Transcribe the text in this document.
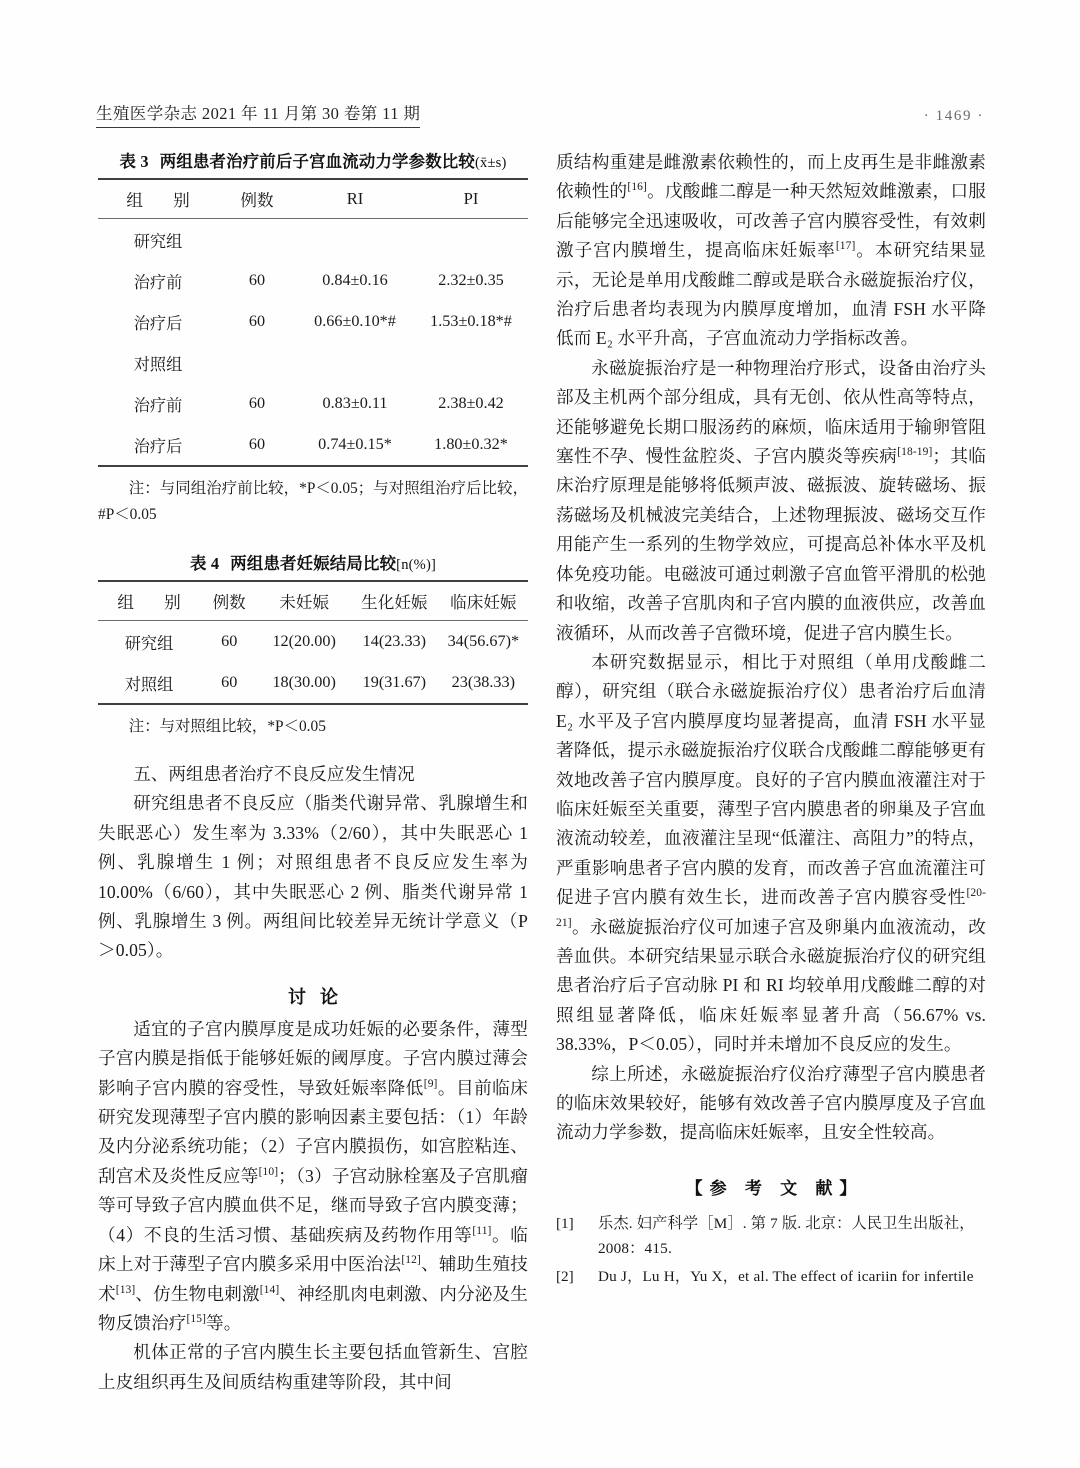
生殖医学杂志 2021 年 11 月第 30 卷第 11 期	· 1469 ·
表 3 两组患者治疗前后子宫血流动力学参数比较(x̄±s)
组 别	例数	RI	PI
研究组			
治疗前	60	0.84±0.16	2.32±0.35
治疗后	60	0.66±0.10*#	1.53±0.18*#
对照组			
治疗前	60	0.83±0.11	2.38±0.42
治疗后	60	0.74±0.15*	1.80±0.32*

注：与同组治疗前比较，*P＜0.05；与对照组治疗后比较，#P＜0.05

表 4 两组患者妊娠结局比较[n(%)]
组 别	例数	未妊娠	生化妊娠	临床妊娠
研究组	60	12(20.00)	14(23.33)	34(56.67)*
对照组	60	18(30.00)	19(31.67)	23(38.33)

注：与对照组比较，*P＜0.05

五、两组患者治疗不良反应发生情况

研究组患者不良反应（脂类代谢异常、乳腺增生和失眠恶心）发生率为 3.33%（2/60），其中失眠恶心 1 例、乳腺增生 1 例；对照组患者不良反应发生率为 10.00%（6/60），其中失眠恶心 2 例、脂类代谢异常 1 例、乳腺增生 3 例。两组间比较差异无统计学意义（P＞0.05）。

讨论

适宜的子宫内膜厚度是成功妊娠的必要条件，薄型子宫内膜是指低于能够妊娠的阈厚度。子宫内膜过薄会影响子宫内膜的容受性，导致妊娠率降低[9]。目前临床研究发现薄型子宫内膜的影响因素主要包括：（1）年龄及内分泌系统功能；（2）子宫内膜损伤，如宫腔粘连、刮宫术及炎性反应等[10]；（3）子宫动脉栓塞及子宫肌瘤等可导致子宫内膜血供不足，继而导致子宫内膜变薄；（4）不良的生活习惯、基础疾病及药物作用等[11]。临床上对于薄型子宫内膜多采用中医治法[12]、辅助生殖技术[13]、仿生物电刺激[14]、神经肌肉电刺激、内分泌及生物反馈治疗[15]等。

机体正常的子宫内膜生长主要包括血管新生、宫腔上皮组织再生及间质结构重建等阶段，其中间

质结构重建是雌激素依赖性的，而上皮再生是非雌激素依赖性的[16]。戊酸雌二醇是一种天然短效雌激素，口服后能够完全迅速吸收，可改善子宫内膜容受性，有效刺激子宫内膜增生，提高临床妊娠率[17]。本研究结果显示，无论是单用戊酸雌二醇或是联合永磁旋振治疗仪，治疗后患者均表现为内膜厚度增加，血清 FSH 水平降低而 E₂ 水平升高，子宫血流动力学指标改善。

永磁旋振治疗是一种物理治疗形式，设备由治疗头部及主机两个部分组成，具有无创、依从性高等特点，还能够避免长期口服汤药的麻烦，临床适用于输卵管阻塞性不孕、慢性盆腔炎、子宫内膜炎等疾病[18-19]；其临床治疗原理是能够将低频声波、磁振波、旋转磁场、振荡磁场及机械波完美结合，上述物理振波、磁场交互作用能产生一系列的生物学效应，可提高总补体水平及机体免疫功能。电磁波可通过刺激子宫血管平滑肌的松弛和收缩，改善子宫肌肉和子宫内膜的血液供应，改善血液循环，从而改善子宫微环境，促进子宫内膜生长。

本研究数据显示，相比于对照组（单用戊酸雌二醇），研究组（联合永磁旋振治疗仪）患者治疗后血清 E₂ 水平及子宫内膜厚度均显著提高，血清 FSH 水平显著降低，提示永磁旋振治疗仪联合戊酸雌二醇能够更有效地改善子宫内膜厚度。良好的子宫内膜血液灌注对于临床妊娠至关重要，薄型子宫内膜患者的卵巢及子宫血液流动较差，血液灌注呈现“低灌注、高阻力”的特点，严重影响患者子宫内膜的发育，而改善子宫血流灌注可促进子宫内膜有效生长，进而改善子宫内膜容受性[20-21]。永磁旋振治疗仪可加速子宫及卵巢内血液流动，改善血供。本研究结果显示联合永磁旋振治疗仪的研究组患者治疗后子宫动脉 PI 和 RI 均较单用戊酸雌二醇的对照组显著降低，临床妊娠率显著升高（56.67% vs. 38.33%，P＜0.05），同时并未增加不良反应的发生。

综上所述，永磁旋振治疗仪治疗薄型子宫内膜患者的临床效果较好，能够有效改善子宫内膜厚度及子宫血流动力学参数，提高临床妊娠率，且安全性较高。

【参 考 文 献】
[1]	乐杰. 妇产科学［M］. 第 7 版. 北京：人民卫生出版社，
2008：415.
[2]	Du J，Lu H，Yu X，et al. The effect of icariin for infertile
